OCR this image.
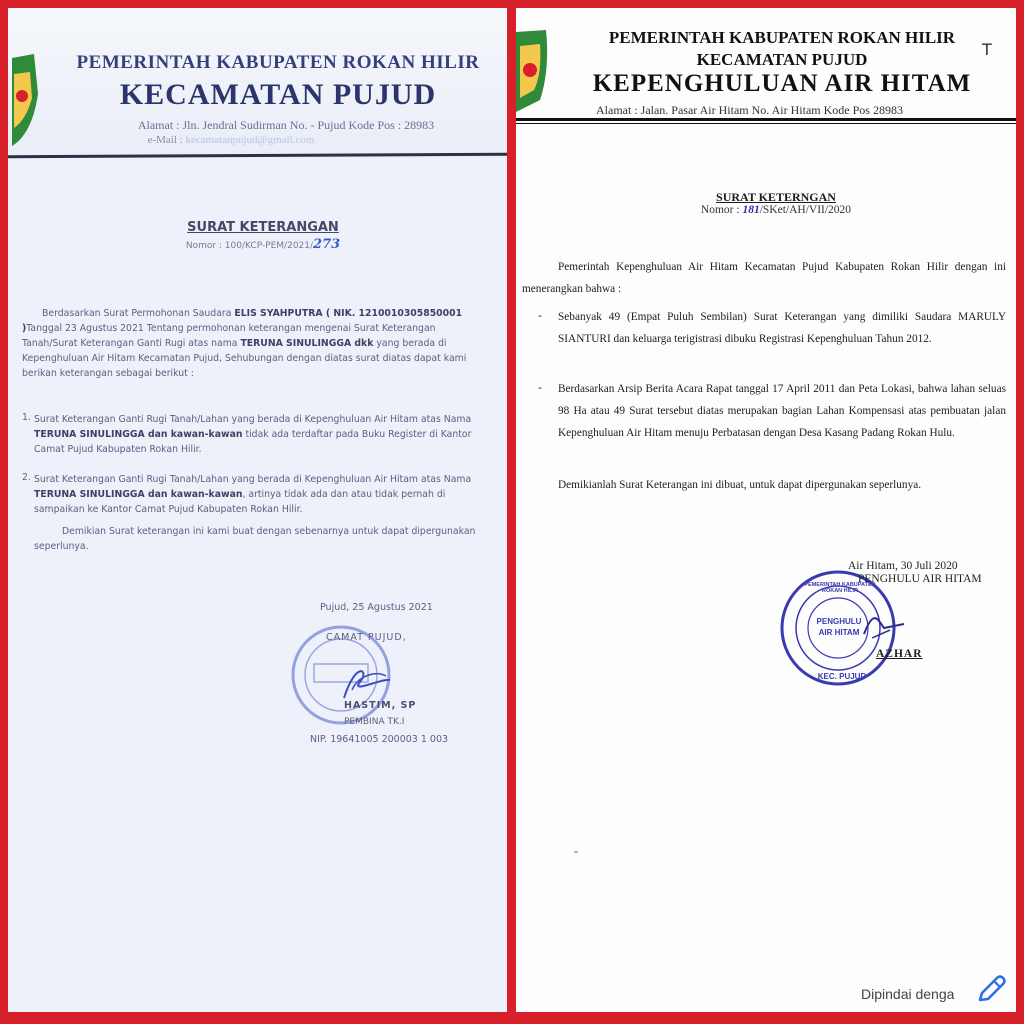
PEMERINTAH KABUPATEN ROKAN HILIR
KECAMATAN PUJUD
Alamat : Jln. Jendral Sudirman No. - Pujud Kode Pos : 28983
e-Mail : kecamatanpujud@gmail.com
SURAT KETERANGAN
Nomor : 100/KCP-PEM/2021/273
Berdasarkan Surat Permohonan Saudara ELIS SYAHPUTRA ( NIK. 1210010305850001 )Tanggal 23 Agustus 2021 Tentang permohonan keterangan mengenai Surat Keterangan Tanah/Surat Keterangan Ganti Rugi atas nama TERUNA SINULINGGA dkk yang berada di Kepenghuluan Air Hitam Kecamatan Pujud, Sehubungan dengan diatas surat diatas dapat kami berikan keterangan sebagai berikut :
1. Surat Keterangan Ganti Rugi Tanah/Lahan yang berada di Kepenghuluan Air Hitam atas Nama TERUNA SINULINGGA dan kawan-kawan tidak ada terdaftar pada Buku Register di Kantor Camat Pujud Kabupaten Rokan Hilir.
2. Surat Keterangan Ganti Rugi Tanah/Lahan yang berada di Kepenghuluan Air Hitam atas Nama TERUNA SINULINGGA dan kawan-kawan, artinya tidak ada dan atau tidak pernah di sampaikan ke Kantor Camat Pujud Kabupaten Rokan Hilir.
Demikian Surat keterangan ini kami buat dengan sebenarnya untuk dapat dipergunakan seperlunya.
Pujud, 25 Agustus 2021
CAMAT PUJUD,
HASTIM, SP
PEMBINA TK.I
NIP. 19641005 200003 1 003
PEMERINTAH KABUPATEN ROKAN HILIR
KECAMATAN PUJUD
KEPENGHULUAN AIR HITAM
Alamat : Jalan. Pasar Air Hitam No. Air Hitam Kode Pos 28983
T
SURAT KETERNGAN
Nomor : 181/SKet/AH/VII/2020
Pemerintah Kepenghuluan Air Hitam Kecamatan Pujud Kabupaten Rokan Hilir dengan ini menerangkan bahwa :
- Sebanyak 49 (Empat Puluh Sembilan) Surat Keterangan yang dimiliki Saudara MARULY SIANTURI dan keluarga terigistrasi dibuku Registrasi Kepenghuluan Tahun 2012.
- Berdasarkan Arsip Berita Acara Rapat tanggal 17 April 2011 dan Peta Lokasi, bahwa lahan seluas 98 Ha atau 49 Surat tersebut diatas merupakan bagian Lahan Kompensasi atas pembuatan jalan Kepenghuluan Air Hitam menuju Perbatasan dengan Desa Kasang Padang Rokan Hulu.
Demikianlah Surat Keterangan ini dibuat, untuk dapat dipergunakan seperlunya.
PENGHULU
AIR HITAM
PEMERINTAH KABUPATEN ROKAN HILIR
KEC. PUJUD
Air Hitam, 30 Juli 2020
PENGHULU AIR HITAM
AZHAR
-
Dipindai denga
